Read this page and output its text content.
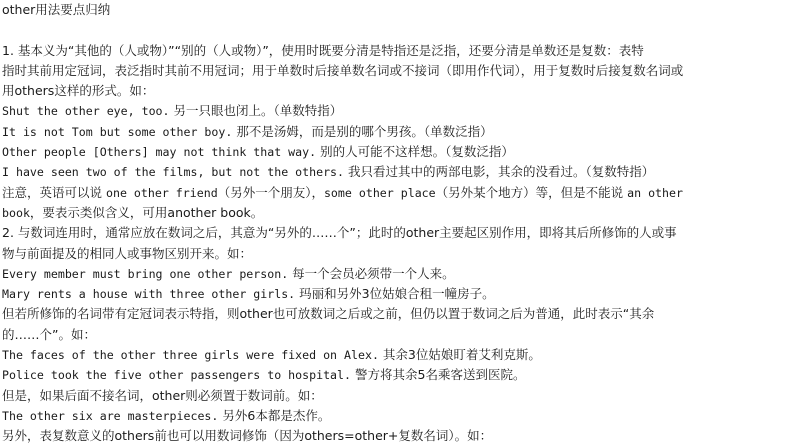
other用法要点归纳
1. 基本义为“其他的（人或物）”“别的（人或物）”，使用时既要分清是特指还是泛指，还要分清是单数还是复数：表特
指时其前用定冠词，表泛指时其前不用冠词；用于单数时后接单数名词或不接词（即用作代词），用于复数时后接复数名词或
用others这样的形式。如：
Shut the other eye, too. 另一只眼也闭上。（单数特指）
It is not Tom but some other boy. 那不是汤姆，而是别的哪个男孩。（单数泛指）
Other people [Others] may not think that way. 别的人可能不这样想。（复数泛指）
I have seen two of the films, but not the others. 我只看过其中的两部电影，其余的没看过。（复数特指）
注意，英语可以说 one other friend（另外一个朋友），some other place（另外某个地方）等，但是不能说 an other
book，要表示类似含义，可用another book。
2. 与数词连用时，通常应放在数词之后，其意为“另外的……个”；此时的other主要起区别作用，即将其后所修饰的人或事
物与前面提及的相同人或事物区别开来。如：
Every member must bring one other person. 每一个会员必须带一个人来。
Mary rents a house with three other girls. 玛丽和另外3位姑娘合租一幢房子。
但若所修饰的名词带有定冠词表示特指，则other也可放数词之后或之前，但仍以置于数词之后为普通，此时表示“其余
的……个”。如：
The faces of the other three girls were fixed on Alex. 其余3位姑娘盯着艾利克斯。
Police took the five other passengers to hospital. 警方将其余5名乘客送到医院。
但是，如果后面不接名词，other则必须置于数词前。如：
The other six are masterpieces. 另外6本都是杰作。
另外，表复数意义的others前也可以用数词修饰（因为others=other+复数名词）。如：
